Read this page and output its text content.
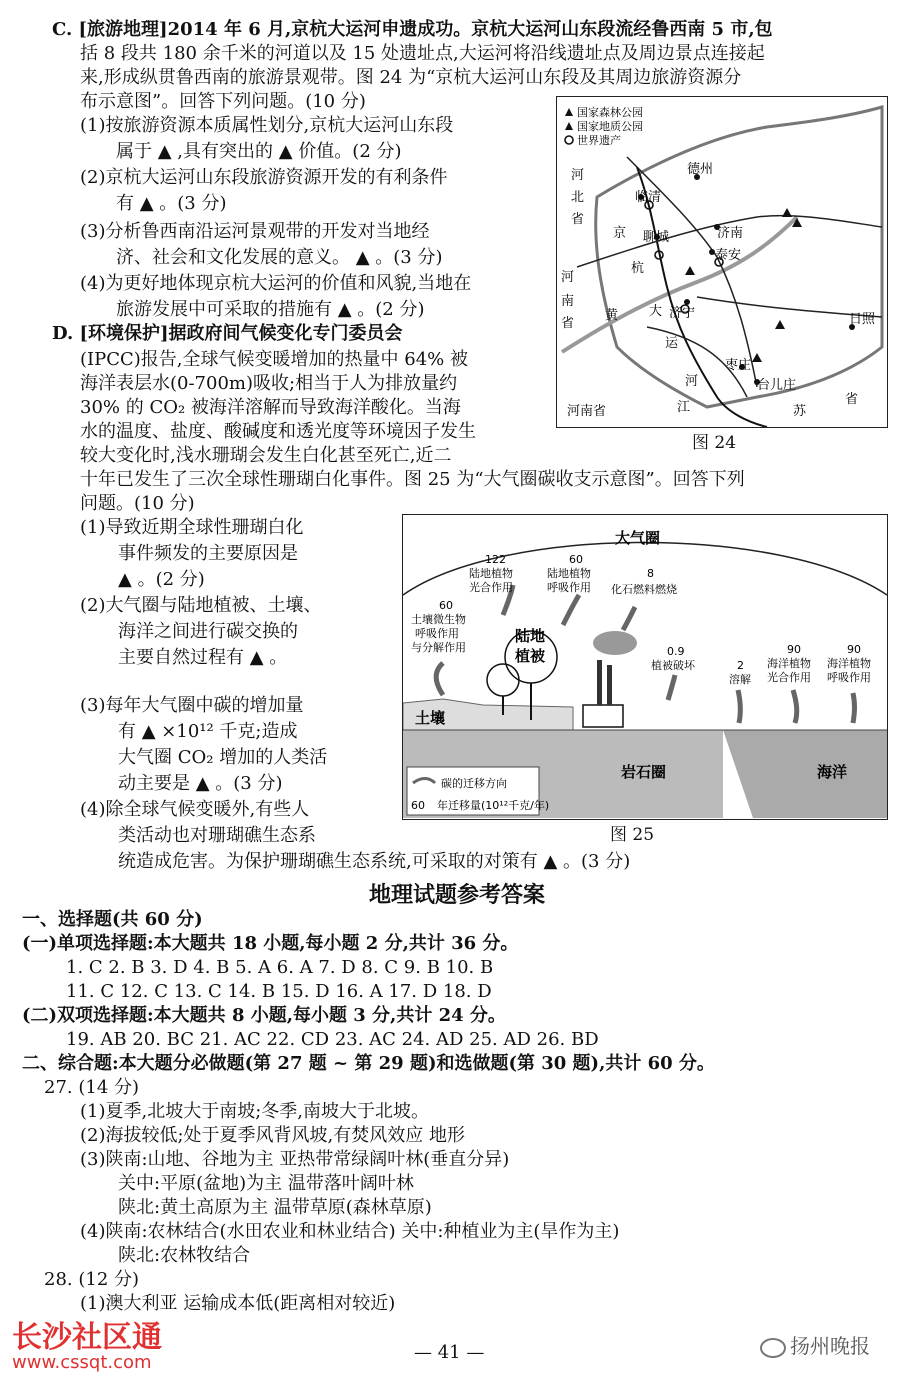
C. [旅游地理]2014 年 6 月,京杭大运河申遗成功。京杭大运河山东段流经鲁西南 5 市,包
括 8 段共 180 余千米的河道以及 15 处遗址点,大运河将沿线遗址点及周边景点连接起
来,形成纵贯鲁西南的旅游景观带。图 24 为“京杭大运河山东段及其周边旅游资源分
布示意图”。回答下列问题。(10 分)
(1)按旅游资源本质属性划分,京杭大运河山东段
属于 ▲ ,具有突出的 ▲ 价值。(2 分)
(2)京杭大运河山东段旅游资源开发的有利条件
有 ▲ 。(3 分)
(3)分析鲁西南沿运河景观带的开发对当地经
济、社会和文化发展的意义。 ▲ 。(3 分)
(4)为更好地体现京杭大运河的价值和风貌,当地在
旅游发展中可采取的措施有 ▲ 。(2 分)
国家森林公园
国家地质公园
世界遗产
河
北
省
德州
临清
京 聊城	济南
泰安
杭
河
南
省
黄 大 济宁
运
日照
枣庄
台儿庄
河
河南省	江	苏
省
图 24
D. [环境保护]据政府间气候变化专门委员会
(IPCC)报告,全球气候变暖增加的热量中 64% 被
海洋表层水(0-700m)吸收;相当于人为排放量约
30% 的 CO₂ 被海洋溶解而导致海洋酸化。当海
水的温度、盐度、酸碱度和透光度等环境因子发生
较大变化时,浅水珊瑚会发生白化甚至死亡,近二
十年已发生了三次全球性珊瑚白化事件。图 25 为“大气圈碳收支示意图”。回答下列
问题。(10 分)
(1)导致近期全球性珊瑚白化
事件频发的主要原因是
▲ 。(2 分)
(2)大气圈与陆地植被、土壤、
海洋之间进行碳交换的
主要自然过程有 ▲ 。
(3)每年大气圈中碳的增加量
有 ▲ ×10¹² 千克;造成
大气圈 CO₂ 增加的人类活
动主要是 ▲ 。(3 分)
(4)除全球气候变暖外,有些人
类活动也对珊瑚礁生态系
统造成危害。为保护珊瑚礁生态系统,可采取的对策有 ▲ 。(3 分)
碳的迁移方向
60 年迁移量(10¹²千克/年)
大气圈
122
陆地植物
光合作用
60
陆地植物
呼吸作用
8
化石燃料燃烧
60
土壤微生物
呼吸作用
与分解作用	0.9
植被破坏	2
溶解
90
海洋植物
光合作用
90
海洋植物
呼吸作用
陆地
植被
土壤
岩石圈	海洋
图 25
地理试题参考答案
一、选择题(共 60 分)
(一)单项选择题:本大题共 18 小题,每小题 2 分,共计 36 分。
1. C 2. B 3. D 4. B 5. A 6. A 7. D 8. C 9. B 10. B
11. C 12. C 13. C 14. B 15. D 16. A 17. D 18. D
(二)双项选择题:本大题共 8 小题,每小题 3 分,共计 24 分。
19. AB 20. BC 21. AC 22. CD 23. AC 24. AD 25. AD 26. BD
二、综合题:本大题分必做题(第 27 题 ~ 第 29 题)和选做题(第 30 题),共计 60 分。
27. (14 分)
(1)夏季,北坡大于南坡;冬季,南坡大于北坡。
(2)海拔较低;处于夏季风背风坡,有焚风效应 地形
(3)陕南:山地、谷地为主 亚热带常绿阔叶林(垂直分异)
关中:平原(盆地)为主 温带落叶阔叶林
陕北:黄土高原为主 温带草原(森林草原)
(4)陕南:农林结合(水田农业和林业结合) 关中:种植业为主(旱作为主)
陕北:农林牧结合
28. (12 分)
(1)澳大利亚 运输成本低(距离相对较近)
— 41 —
长沙社区通
www.cssqt.com
扬州晚报
